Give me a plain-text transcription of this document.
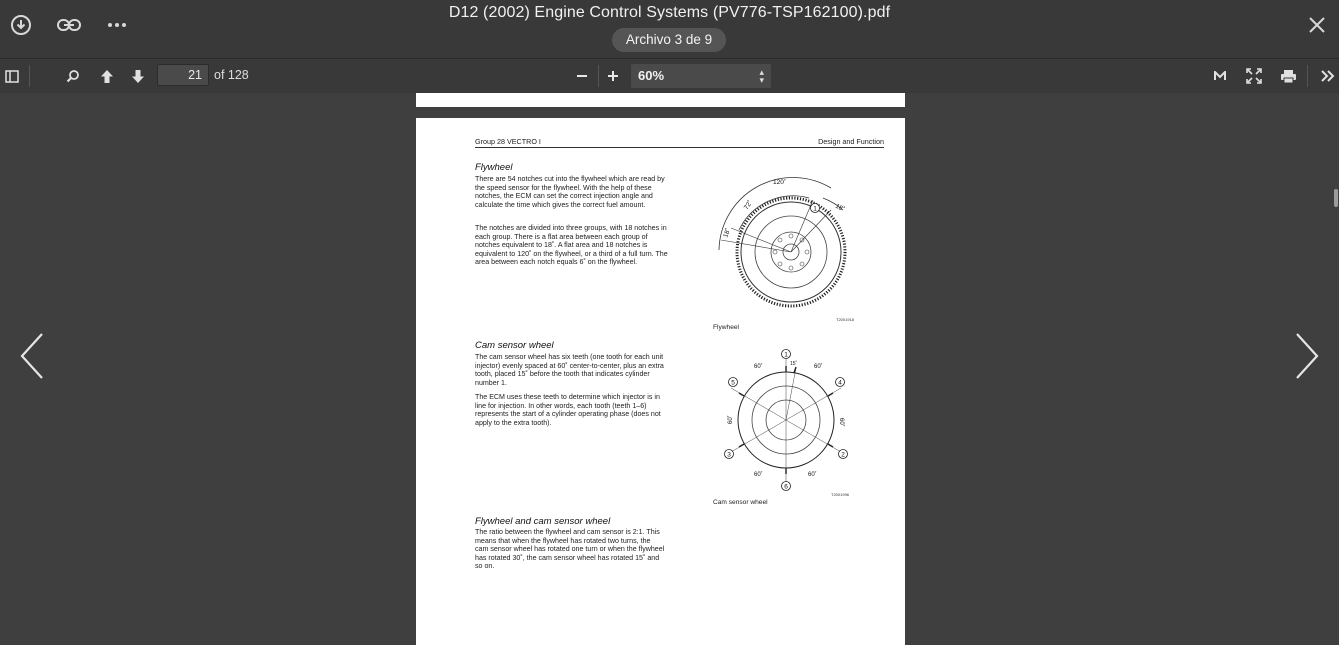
D12 (2002) Engine Control Systems (PV776-TSP162100).pdf
Archivo 3 de 9
21
of 128	60%	▴
▾
Group 28 VECTRO I	Design and Function
Flywheel
There are 54 notches cut into the flywheel which are read by the speed sensor for the flywheel. With the help of these notches, the ECM can set the correct injection angle and calculate the time which gives the correct fuel amount.
The notches are divided into three groups, with 18 notches in each group. There is a flat area between each group of notches equivalent to 18˚. A flat area and 18 notches is equivalent to 120˚ on the flywheel, or a third of a full turn. The area between each notch equals 6˚ on the flywheel.
1
120˚
72˚	18˚
18˚
T2001918
Flywheel
Cam sensor wheel
The cam sensor wheel has six teeth (one tooth for each unit injector) evenly spaced at 60˚ center-to-center, plus an extra tooth, placed 15˚ before the tooth that indicates cylinder number 1.
The ECM uses these teeth to determine which injector is in line for injection. In other words, each tooth (teeth 1–6) represents the start of a cylinder operating phase (does not apply to the extra tooth).
1
2
3
4
5
6
60˚	60˚
60˚	60˚
60˚	60˚
15˚
T2001996
Cam sensor wheel
Flywheel and cam sensor wheel
The ratio between the flywheel and cam sensor is 2:1. This means that when the flywheel has rotated two turns, the cam sensor wheel has rotated one turn or when the flywheel has rotated 30˚, the cam sensor wheel has rotated 15˚ and so on.
